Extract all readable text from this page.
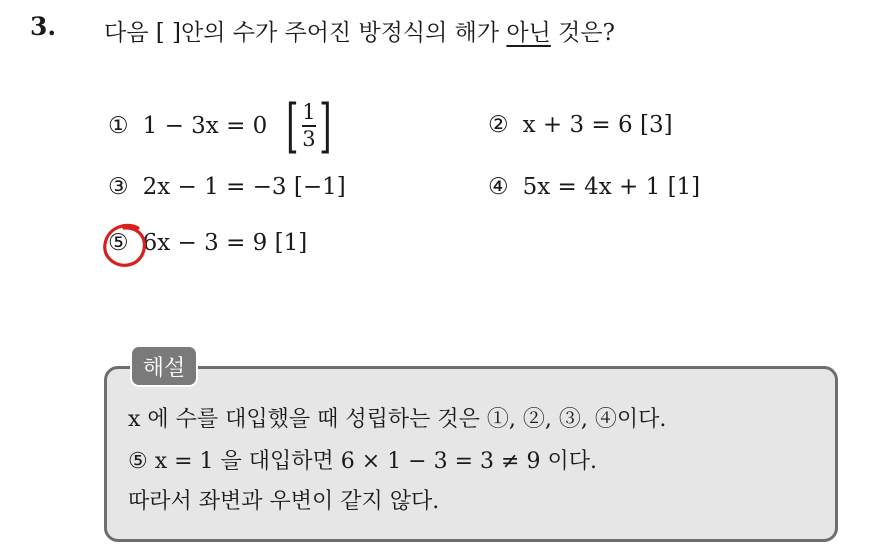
3. 다음 [ ]안의 수가 주어진 방정식의 해가 아닌 것은?
① 1 − 3x = 0 [ 1
3 ]	② x + 3 = 6
[3]
③ 2x − 1 = −3
[−1]	④ 5x = 4x + 1
[1]
⑤ 6x − 3 = 9
[1]
해설
x 에 수를 대입했을 때 성립하는 것은 ①, ②, ③, ④이다.
⑤ x = 1 을 대입하면 6 × 1 − 3 = 3 ≠ 9 이다.
따라서 좌변과 우변이 같지 않다.
